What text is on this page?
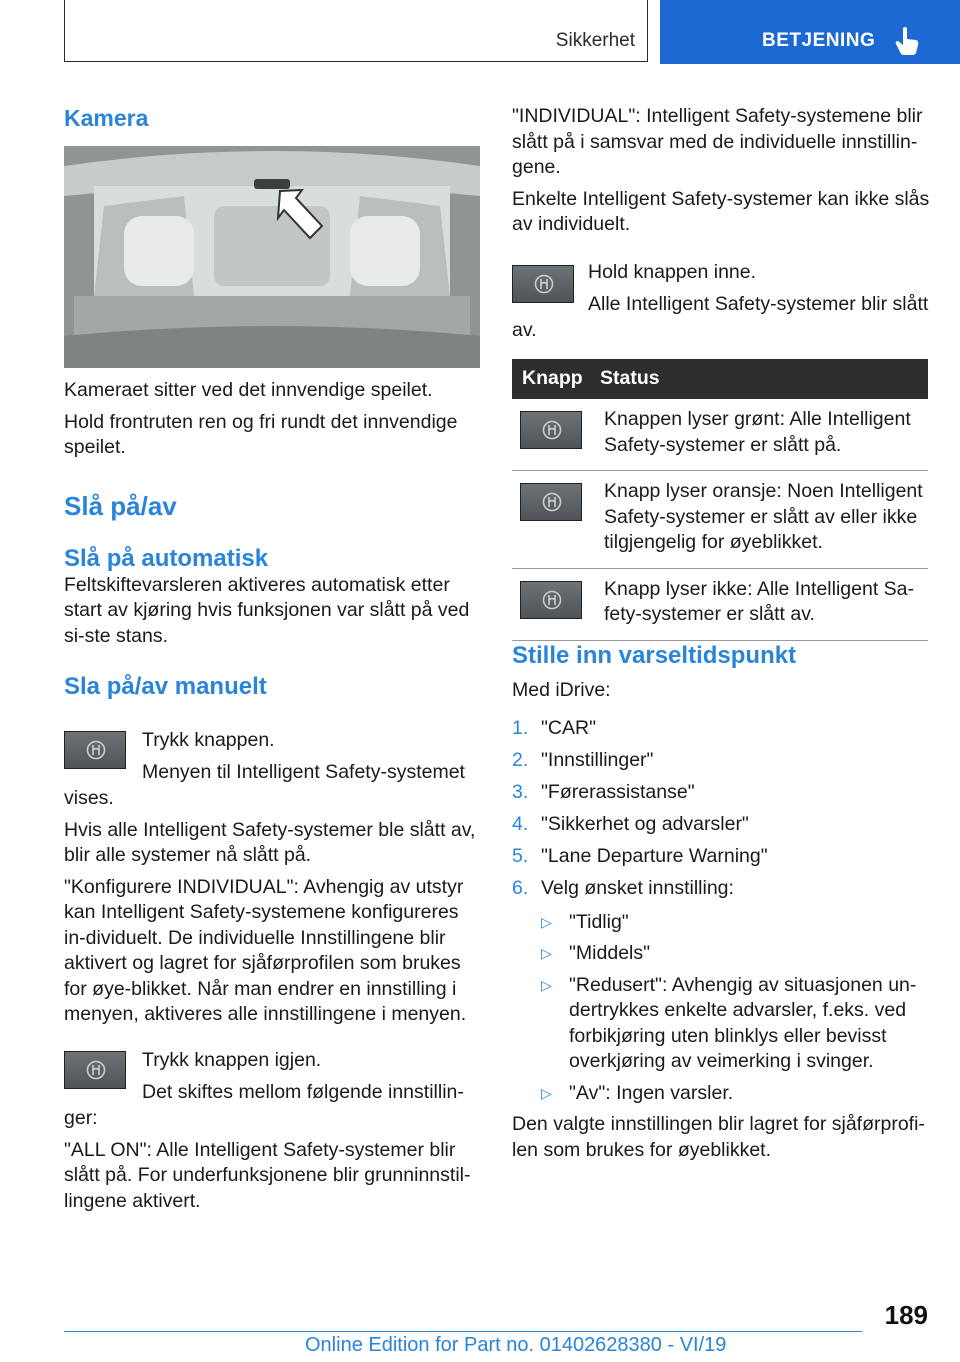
Sikkerhet	BETJENING
Kamera

Kameraet sitter ved det innvendige speilet.

Hold frontruten ren og fri rundt det innvendige speilet.

Slå på/av
Slå på automatisk

Feltskiftevarsleren aktiveres automatisk etter start av kjøring hvis funksjonen var slått på ved si‐ste stans.

Sla på/av manuelt

Trykk knappen.

Menyen til Intelligent Safety-systemet

vises.

Hvis alle Intelligent Safety-systemer ble slått av, blir alle systemer nå slått på.

"Konfigurere INDIVIDUAL": Avhengig av utstyr kan Intelligent Safety-systemene konfigureres in‐dividuelt. De individuelle Innstillingene blir aktivert og lagret for sjåførprofilen som brukes for øye‐blikket. Når man endrer en innstilling i menyen, aktiveres alle innstillingene i menyen.

Trykk knappen igjen.

Det skiftes mellom følgende innstillin‐

ger:

"ALL ON": Alle Intelligent Safety-systemer blir slått på. For underfunksjonene blir grunninnstil‐lingene aktivert.

"INDIVIDUAL": Intelligent Safety-systemene blir slått på i samsvar med de individuelle innstillin‐gene.

Enkelte Intelligent Safety-systemer kan ikke slås av individuelt.

Hold knappen inne.

Alle Intelligent Safety-systemer blir slått

av.

Knapp	Status

	Knappen lyser grønt: Alle Intelligent Safety-systemer er slått på.

	Knapp lyser oransje: Noen Intelligent Safety-systemer er slått av eller ikke tilgjengelig for øyeblikket.

	Knapp lyser ikke: Alle Intelligent Sa‐fety-systemer er slått av.
Stille inn varseltidspunkt

Med iDrive:

1. "CAR"
2. "Innstillinger"
3. "Førerassistanse"
4. "Sikkerhet og advarsler"
5. "Lane Departure Warning"
6. Velg ønsket innstilling:
▷ "Tidlig"
▷ "Middels"
▷ "Redusert": Avhengig av situasjonen un‐dertrykkes enkelte advarsler, f.eks. ved forbikjøring uten blinklys eller bevisst overkjøring av veimerking i svinger.
▷ "Av": Ingen varsler.

Den valgte innstillingen blir lagret for sjåførprofi‐len som brukes for øyeblikket.

189
Online Edition for Part no. 01402628380 - VI/19
